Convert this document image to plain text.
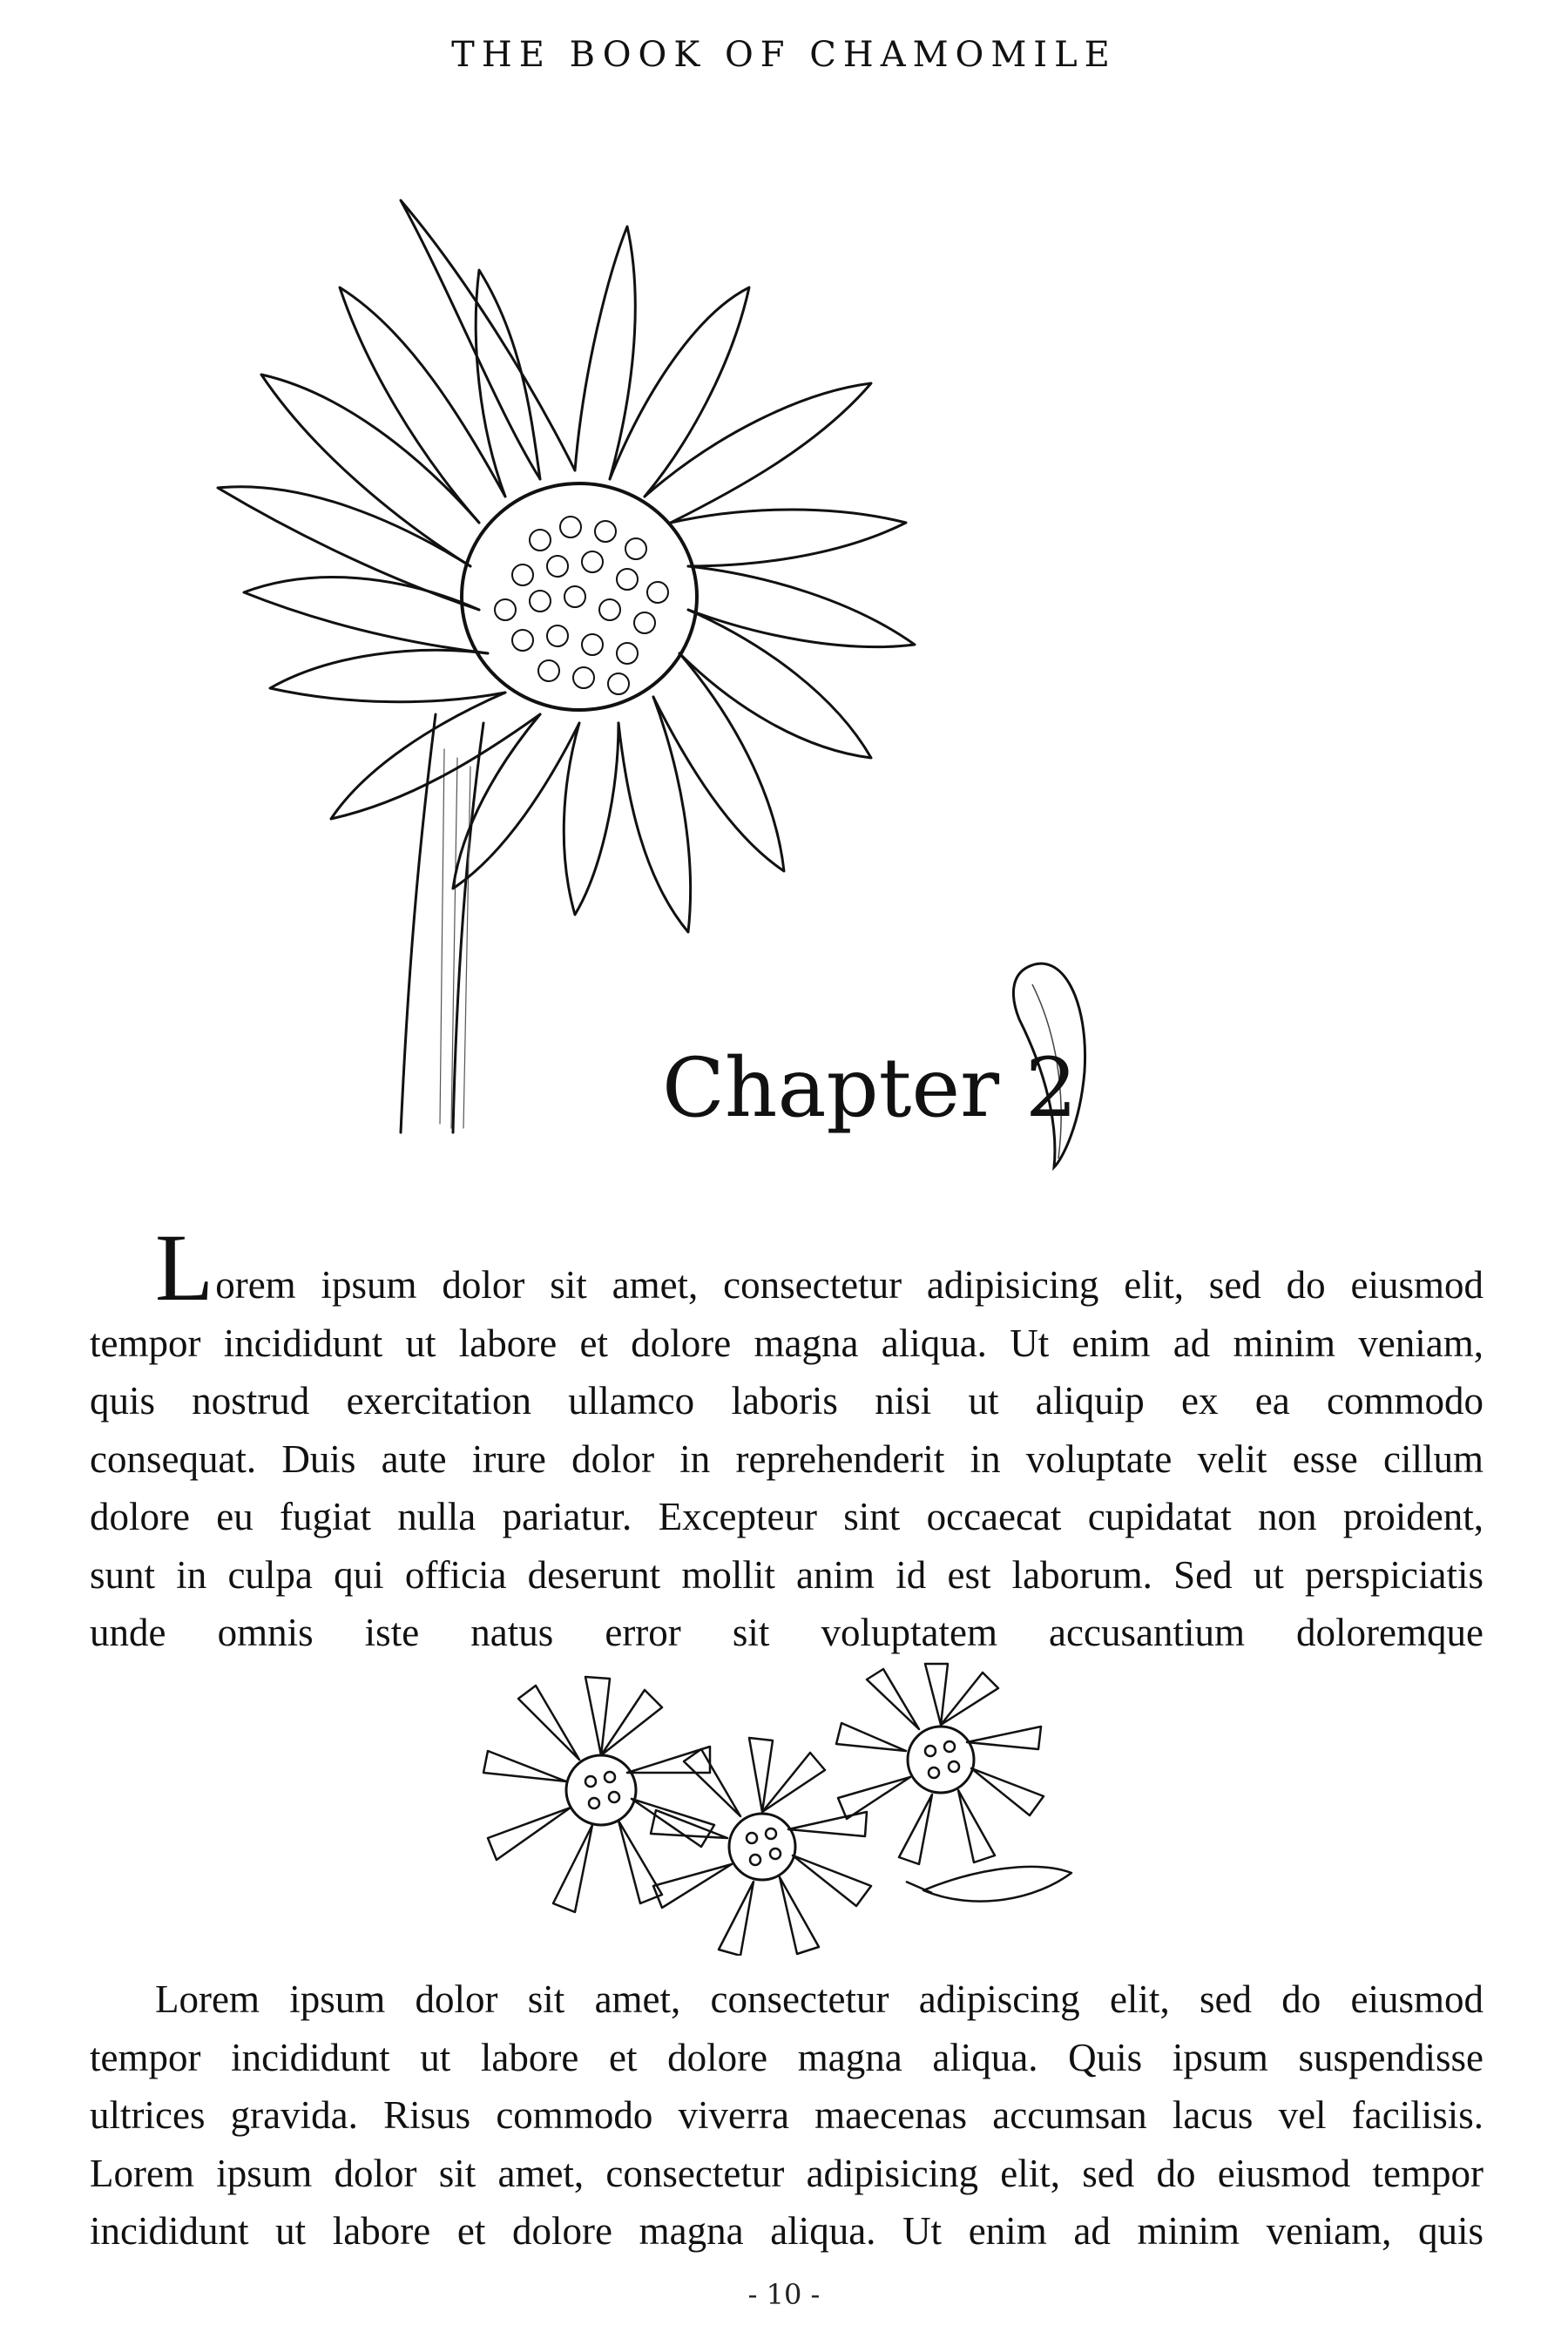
THE BOOK OF CHAMOMILE
Chapter 2
Lorem ipsum dolor sit amet, consectetur adipisicing elit, sed do eiusmod
tempor incididunt ut labore et dolore magna aliqua. Ut enim ad minim veniam,
quis nostrud exercitation ullamco laboris nisi ut aliquip ex ea commodo
consequat. Duis aute irure dolor in reprehenderit in voluptate velit esse cillum
dolore eu fugiat nulla pariatur. Excepteur sint occaecat cupidatat non proident,
sunt in culpa qui officia deserunt mollit anim id est laborum. Sed ut perspiciatis
unde omnis iste natus error sit voluptatem accusantium doloremque
Lorem ipsum dolor sit amet, consectetur adipiscing elit, sed do eiusmod
tempor incididunt ut labore et dolore magna aliqua. Quis ipsum suspendisse
ultrices gravida. Risus commodo viverra maecenas accumsan lacus vel facilisis.
Lorem ipsum dolor sit amet, consectetur adipisicing elit, sed do eiusmod tempor
incididunt ut labore et dolore magna aliqua. Ut enim ad minim veniam, quis
- 10 -
